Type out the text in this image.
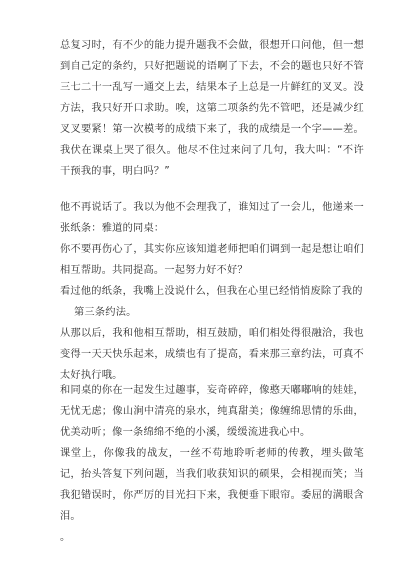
总复习时，有不少的能力提升题我不会做，很想开口问他，但一想到自己定的条约，只好把题说的语啊了下去，不会的题也只好不管三七二十一乱写一通交上去，结果本子上总是一片鲜红的叉叉。没方法，我只好开口求助。唉，这第二项条约先不管吧，还是减少红叉叉要紧！第一次模考的成绩下来了，我的成绩是一个字——差。我伏在课桌上哭了很久。他尽不住过来问了几句，我大叫：“不许干预我的事，明白吗？”

他不再说话了。我以为他不会理我了，谁知过了一会儿，他递来一张纸条：雅道的同桌：

你不要再伤心了，其实你应该知道老师把咱们调到一起是想让咱们相互帮助。共同提高。一起努力好不好？

看过他的纸条，我嘴上没说什么，但我在心里已经悄悄废除了我的

第三条约法。

从那以后，我和他相互帮助，相互鼓励，咱们相处得很融洽，我也变得一天天快乐起来，成绩也有了提高，看来那三章约法，可真不太好执行哦。

和同桌的你在一起发生过趣事，妄奇碎碎，像憨天嘟嘟响的娃娃，无忧无虑；像山涧中清亮的泉水，纯真甜美；像缠绵思情的乐曲，优美动听；像一条绵绵不绝的小溪，缓缓流进我心中。

课堂上，你像我的战友，一丝不苟地聆听老师的传教，埋头做笔记，抬头答复下列问题，当我们收获知识的硕果，会相视而笑；当我犯错误时，你严厉的目光扫下来，我便垂下眼帘。委屈的满眼含泪。

。
